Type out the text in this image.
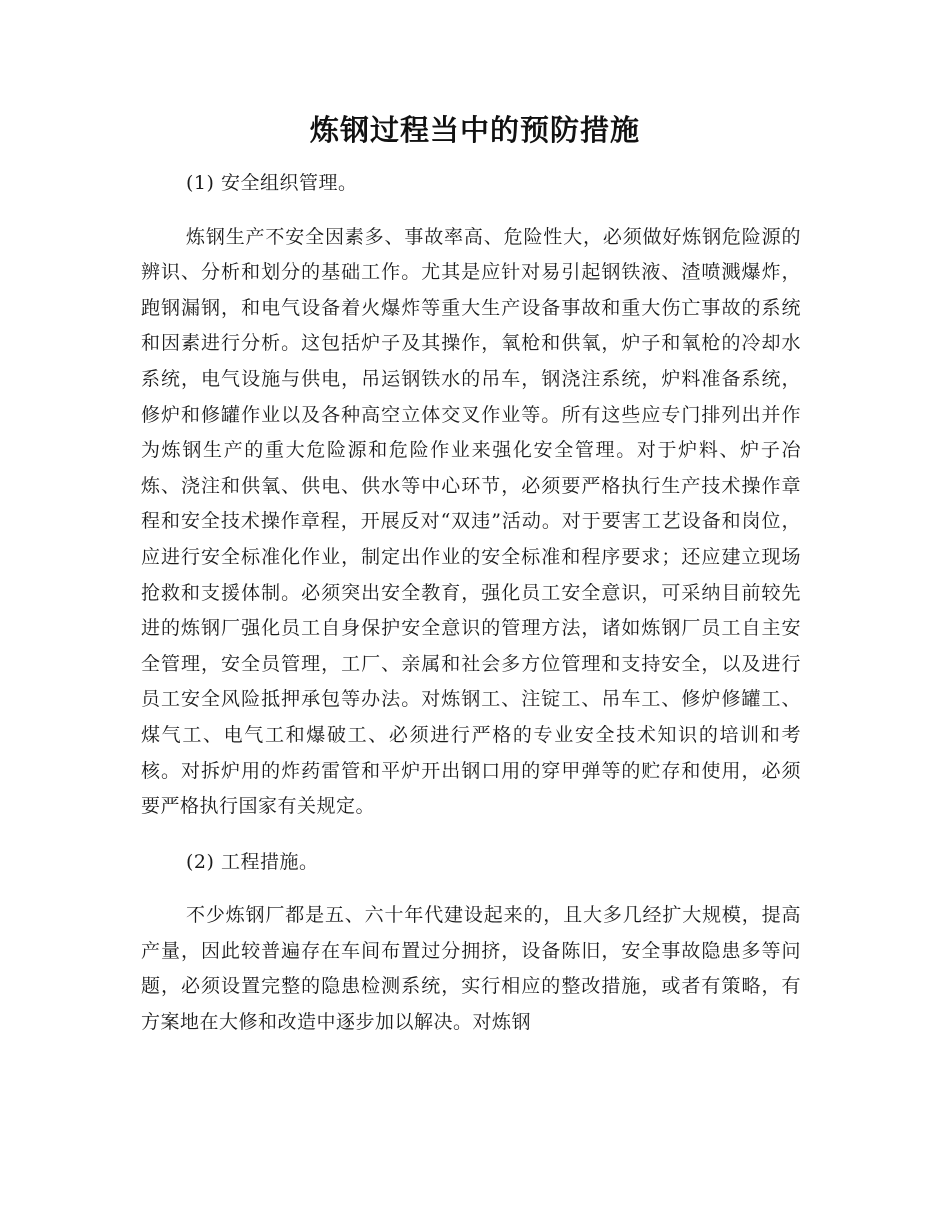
炼钢过程当中的预防措施
(1) 安全组织管理。
炼钢生产不安全因素多、事故率高、危险性大，必须做好炼钢危险源的辨识、分析和划分的基础工作。尤其是应针对易引起钢铁液、渣喷溅爆炸，跑钢漏钢，和电气设备着火爆炸等重大生产设备事故和重大伤亡事故的系统和因素进行分析。这包括炉子及其操作，氧枪和供氧，炉子和氧枪的冷却水系统，电气设施与供电，吊运钢铁水的吊车，钢浇注系统，炉料准备系统，修炉和修罐作业以及各种高空立体交叉作业等。所有这些应专门排列出并作为炼钢生产的重大危险源和危险作业来强化安全管理。对于炉料、炉子冶炼、浇注和供氧、供电、供水等中心环节，必须要严格执行生产技术操作章程和安全技术操作章程，开展反对“双违”活动。对于要害工艺设备和岗位，应进行安全标准化作业，制定出作业的安全标准和程序要求；还应建立现场抢救和支援体制。必须突出安全教育，强化员工安全意识，可采纳目前较先进的炼钢厂强化员工自身保护安全意识的管理方法，诸如炼钢厂员工自主安全管理，安全员管理，工厂、亲属和社会多方位管理和支持安全，以及进行员工安全风险抵押承包等办法。对炼钢工、注锭工、吊车工、修炉修罐工、煤气工、电气工和爆破工、必须进行严格的专业安全技术知识的培训和考核。对拆炉用的炸药雷管和平炉开出钢口用的穿甲弹等的贮存和使用，必须要严格执行国家有关规定。
(2) 工程措施。
不少炼钢厂都是五、六十年代建设起来的，且大多几经扩大规模，提高产量，因此较普遍存在车间布置过分拥挤，设备陈旧，安全事故隐患多等问题，必须设置完整的隐患检测系统，实行相应的整改措施，或者有策略，有方案地在大修和改造中逐步加以解决。对炼钢
